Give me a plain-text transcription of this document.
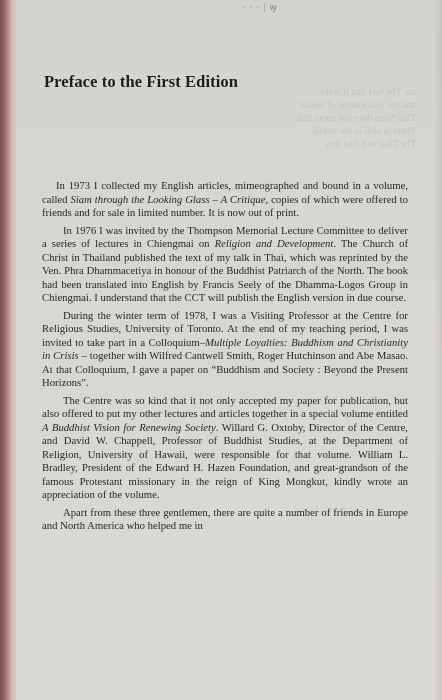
· · · | ꝡ
na. The fact that it is the
and the Association of Social
Thai Siam does not mean that
There is also in the world
The Thai will find this
Preface to the First Edition

In 1973 I collected my English articles, mimeographed and bound in a volume, called Siam through the Looking Glass – A Critique, copies of which were offered to friends and for sale in limited number. It is now out of print.

In 1976 I was invited by the Thompson Memorial Lecture Committee to deliver a series of lectures in Chiengmai on Religion and Development. The Church of Christ in Thailand published the text of my talk in Thai, which was reprinted by the Ven. Phra Dhammacetiya in honour of the Buddhist Patriarch of the North. The book had been translated into English by Francis Seely of the Dhamma-Logos Group in Chiengmai. I understand that the CCT will publish the English version in due course.

During the winter term of 1978, I was a Visiting Professor at the Centre for Religious Studies, University of Toronto. At the end of my teaching period, I was invited to take part in a Colloquium–Multiple Loyalties: Buddhism and Christianity in Crisis – together with Wilfred Cantwell Smith, Roger Hutchinson and Abe Masao. At that Colloquium, I gave a paper on “Buddhism and Society : Beyond the Present Horizons”.

The Centre was so kind that it not only accepted my paper for publication, but also offered to put my other lectures and articles together in a special volume entitled A Buddhist Vision for Renewing Society. Willard G. Oxtoby, Director of the Centre, and David W. Chappell, Professor of Buddhist Studies, at the Department of Religion, University of Hawaii, were responsible for that volume. William L. Bradley, President of the Edward H. Hazen Foundation, and great-grandson of the famous Protestant missionary in the reign of King Mongkut, kindly wrote an appreciation of the volume.

Apart from these three gentlemen, there are quite a number of friends in Europe and North America who helped me in
